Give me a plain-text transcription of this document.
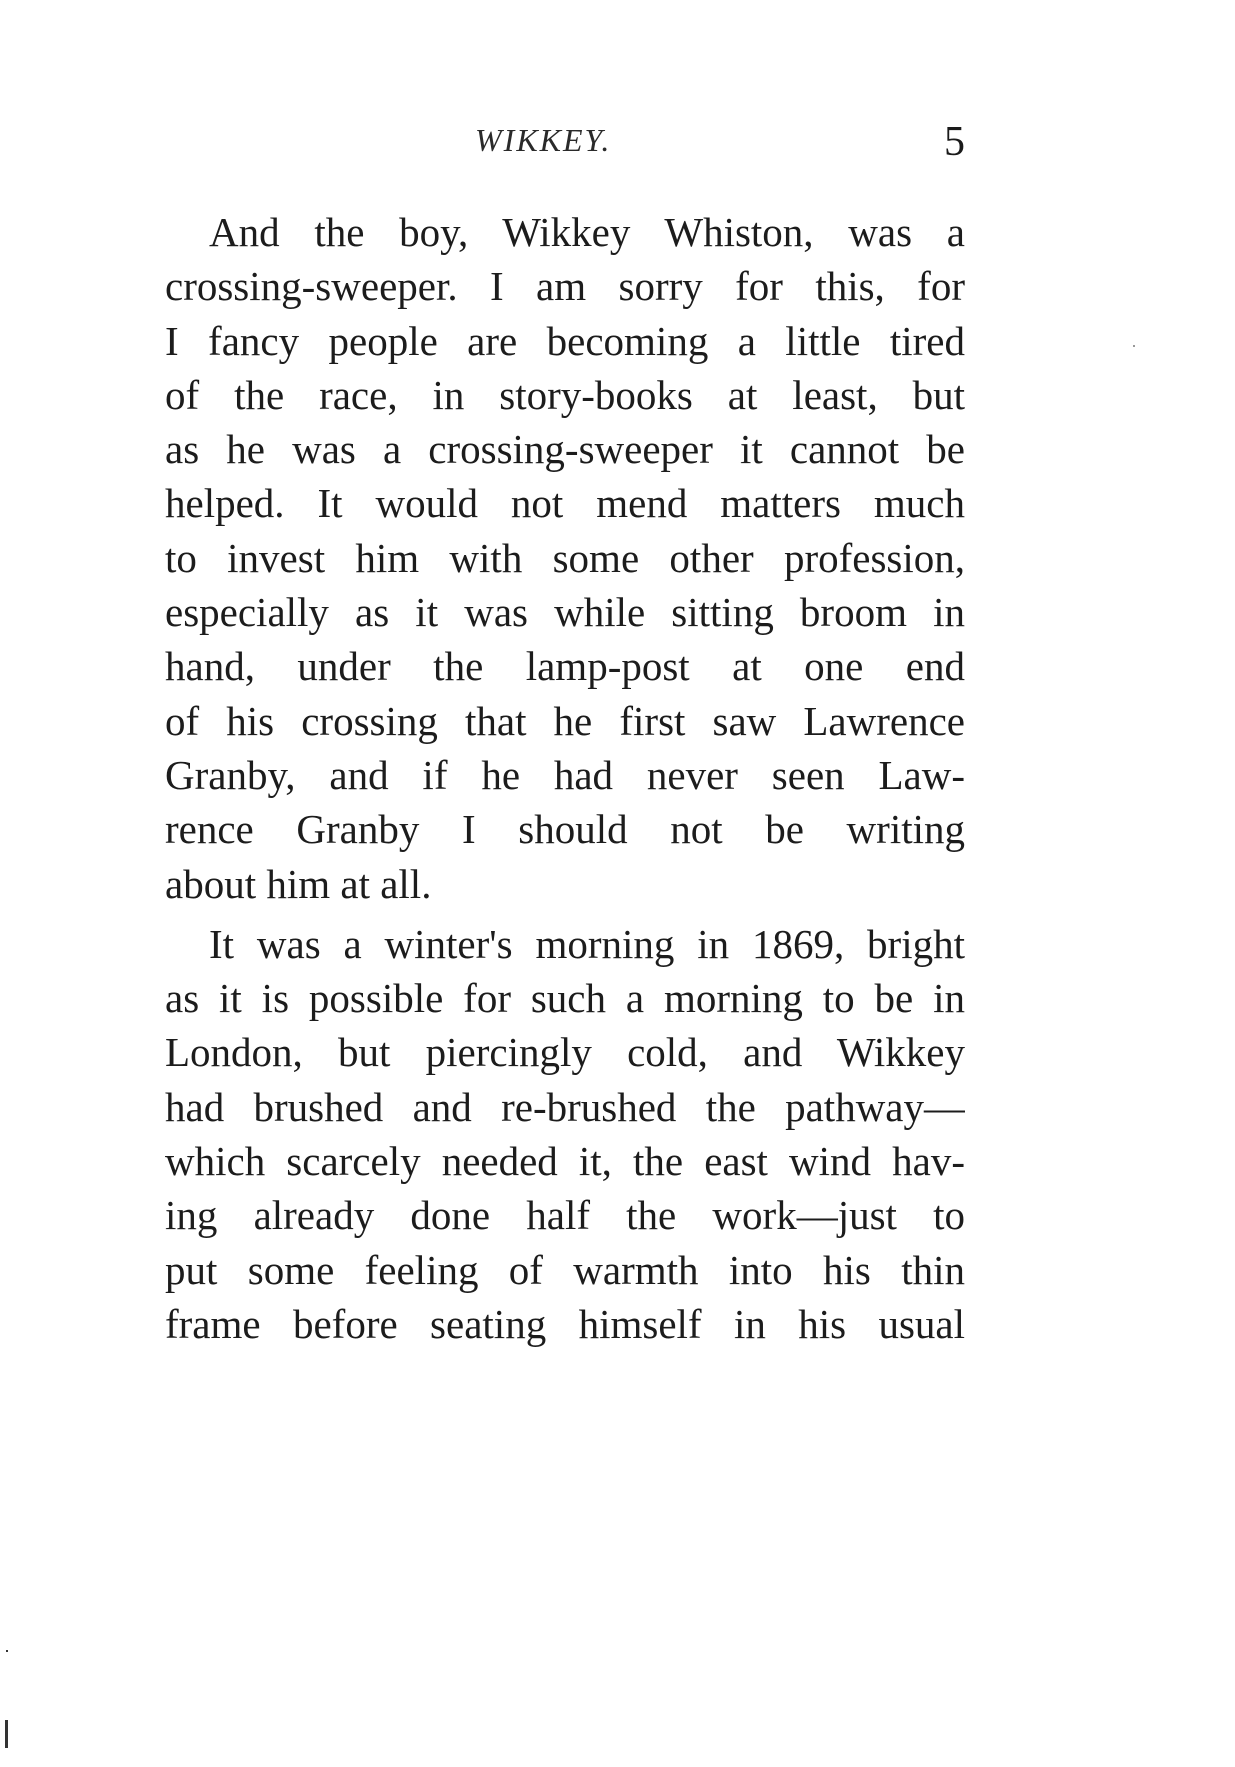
WIKKEY.	5
And the boy, Wikkey Whiston, was a
crossing-sweeper. I am sorry for this, for
I fancy people are becoming a little tired
of the race, in story-books at least, but
as he was a crossing-sweeper it cannot be
helped. It would not mend matters much
to invest him with some other profession,
especially as it was while sitting broom in
hand, under the lamp-post at one end
of his crossing that he first saw Lawrence
Granby, and if he had never seen Law-
rence Granby I should not be writing
about him at all.
It was a winter's morning in 1869, bright
as it is possible for such a morning to be in
London, but piercingly cold, and Wikkey
had brushed and re-brushed the pathway—
which scarcely needed it, the east wind hav-
ing already done half the work—just to
put some feeling of warmth into his thin
frame before seating himself in his usual
